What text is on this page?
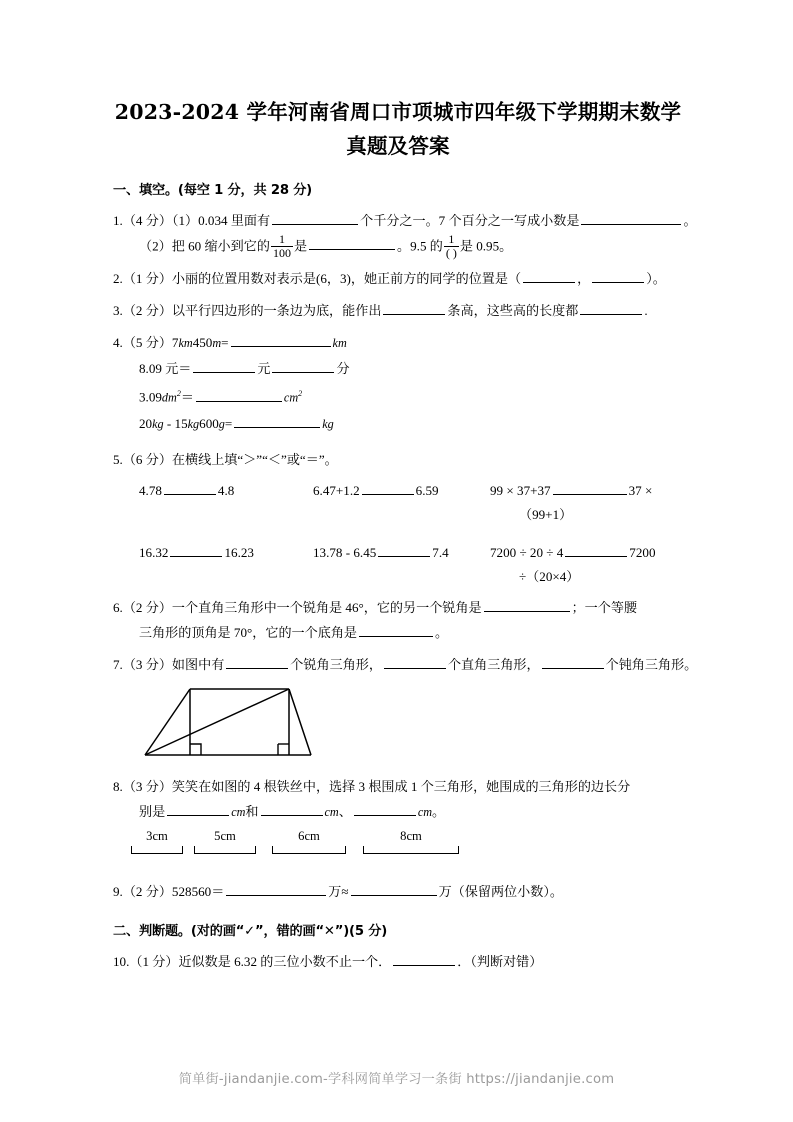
2023-2024 学年河南省周口市项城市四年级下学期期末数学
真题及答案
一、填空。(每空 1 分，共 28 分)
1.（4 分）（1）0.034 里面有	个千分之一。7 个百分之一写成小数是	。
（2）把 60 缩小到它的 $\frac{1}{100}$ 是	。9.5 的 $\frac{1}{( )}$ 是 0.95。
2.（1 分）小丽的位置用数对表示是(6，3)，她正前方的同学的位置是（	，	）。
3.（2 分）以平行四边形的一条边为底，能作出	条高，这些高的长度都	.
4.（5 分）7km450m=	km
8.09 元＝	元	分
$3.09dm^2=$	$cm^2$
20kg - 15kg600g=	kg
5.（6 分）在横线上填“＞”“＜”或“＝”。
4.78	4.8	6.47+1.2	6.59	99 × 37+37	37 ×
（99+1）
16.32	16.23	13.78 - 6.45	7.4	7200 ÷ 20 ÷ 4	7200
÷（20×4）
6.（2 分）一个直角三角形中一个锐角是 46°，它的另一个锐角是	；一个等腰
三角形的顶角是 70°，它的一个底角是	。
7.（3 分）如图中有	个锐角三角形，	个直角三角形，	个钝角三角形。
8.（3 分）笑笑在如图的 4 根铁丝中，选择 3 根围成 1 个三角形，她围成的三角形的边长分
别是	cm和	cm、	cm。
3cm	5cm	6cm	8cm
9.（2 分）528560＝	万≈	万（保留两位小数）。
二、判断题。(对的画“✓”，错的画“✕”)(5 分)
10.（1 分）近似数是 6.32 的三位小数不止一个．	．（判断对错）
简单街-jiandanjie.com-学科网简单学习一条街 https://jiandanjie.com
